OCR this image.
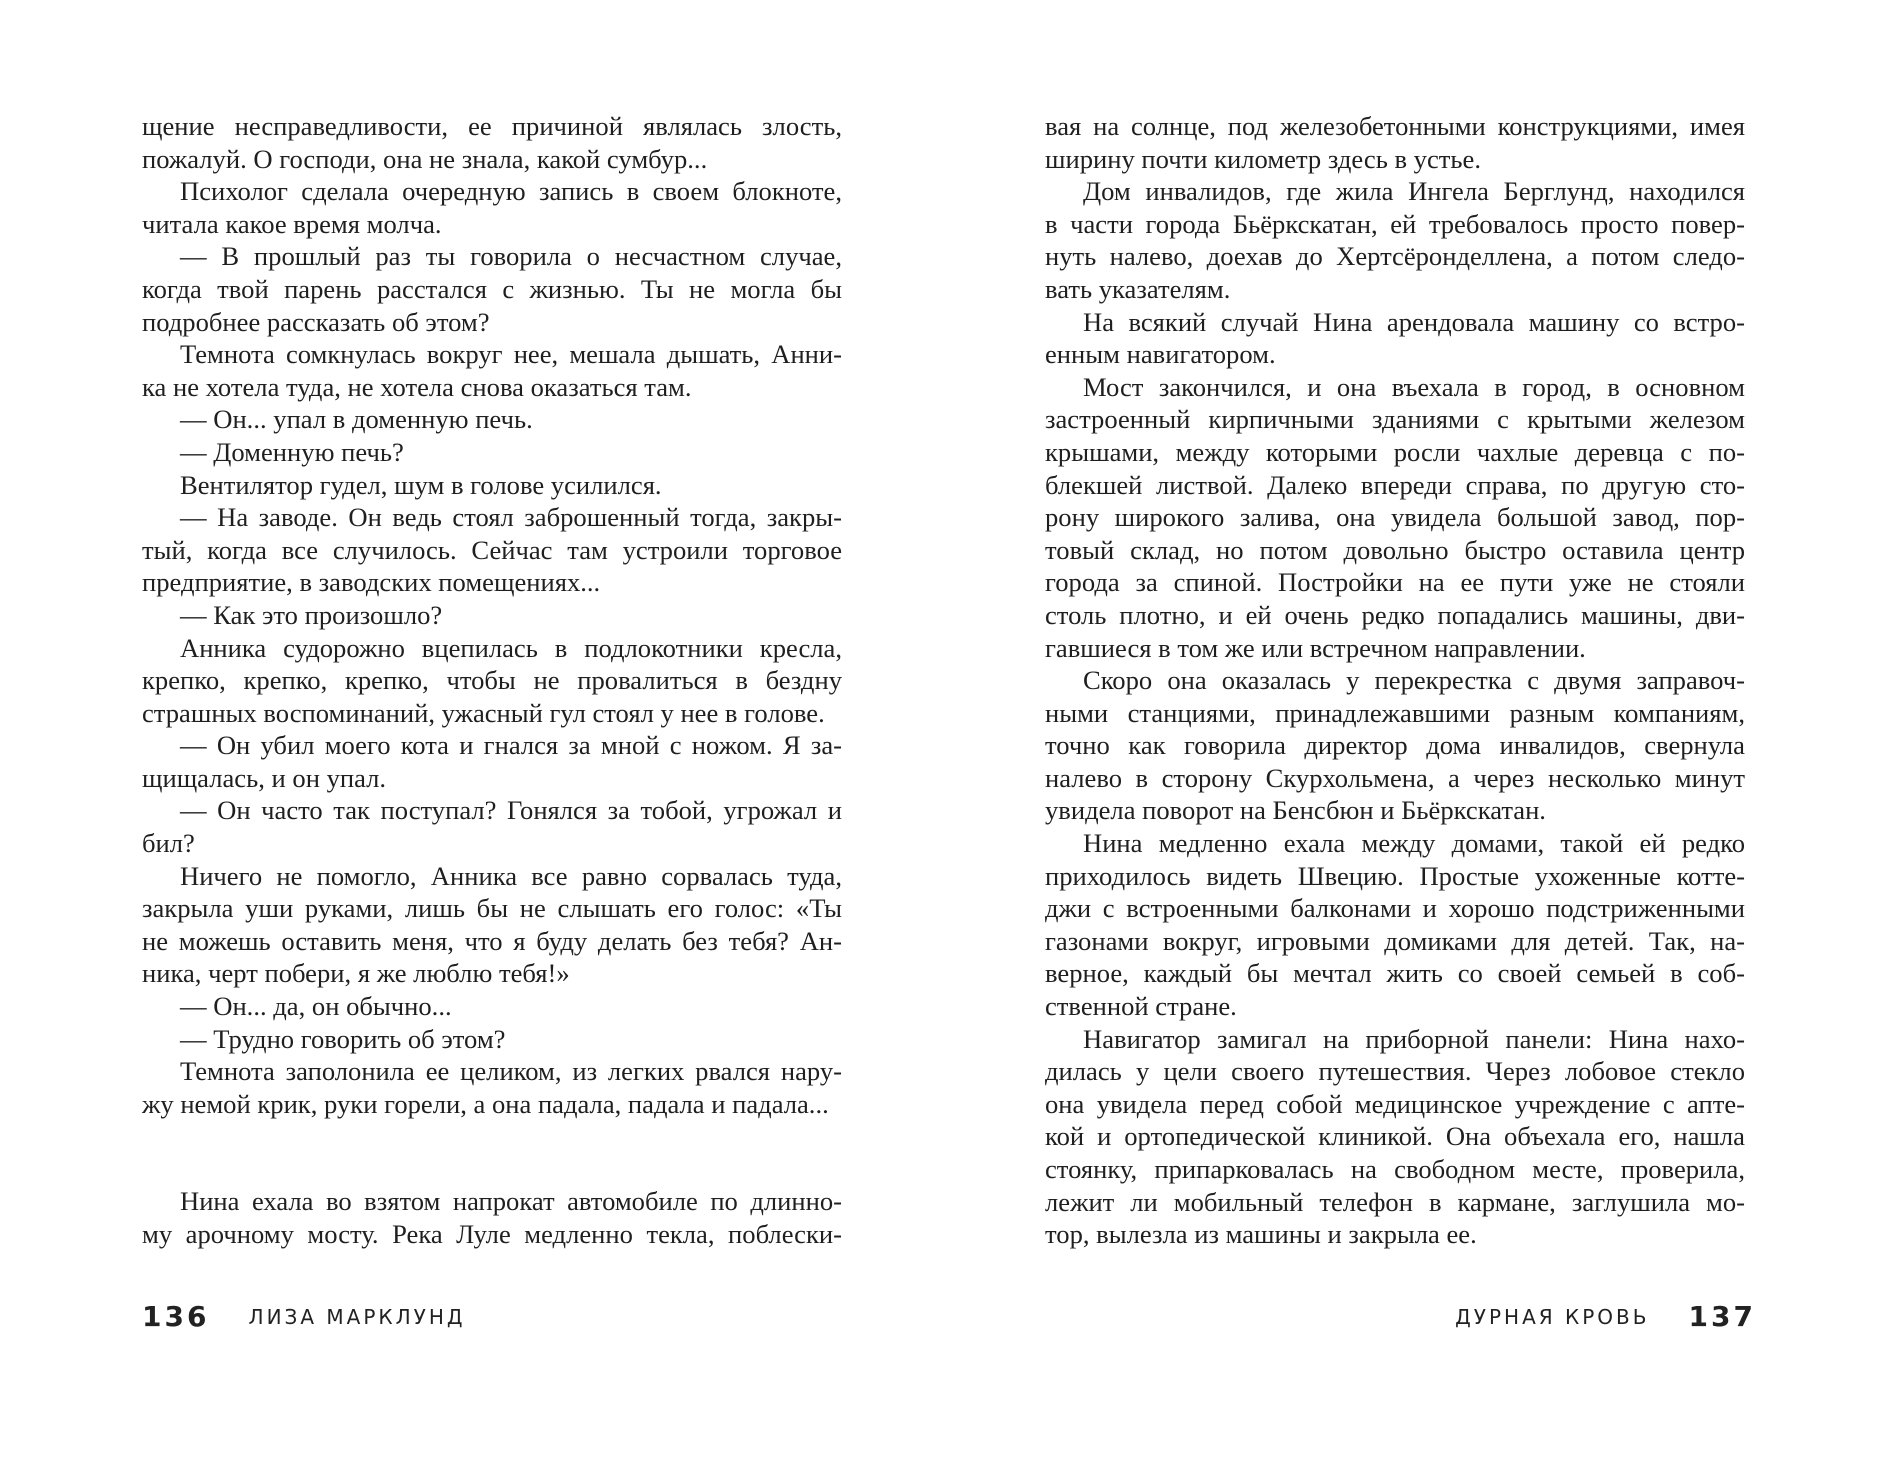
щение несправедливости, ее причиной являлась злость,
пожалуй. О господи, она не знала, какой сумбур...
Психолог сделала очередную запись в своем блокноте,
читала какое время молча.
— В прошлый раз ты говорила о несчастном случае,
когда твой парень расстался с жизнью. Ты не могла бы
подробнее рассказать об этом?
Темнота сомкнулась вокруг нее, мешала дышать, Анни-
ка не хотела туда, не хотела снова оказаться там.
— Он... упал в доменную печь.
— Доменную печь?
Вентилятор гудел, шум в голове усилился.
— На заводе. Он ведь стоял заброшенный тогда, закры-
тый, когда все случилось. Сейчас там устроили торговое
предприятие, в заводских помещениях...
— Как это произошло?
Анника судорожно вцепилась в подлокотники кресла,
крепко, крепко, крепко, чтобы не провалиться в бездну
страшных воспоминаний, ужасный гул стоял у нее в голове.
— Он убил моего кота и гнался за мной с ножом. Я за-
щищалась, и он упал.
— Он часто так поступал? Гонялся за тобой, угрожал и
бил?
Ничего не помогло, Анника все равно сорвалась туда,
закрыла уши руками, лишь бы не слышать его голос: «Ты
не можешь оставить меня, что я буду делать без тебя? Ан-
ника, черт побери, я же люблю тебя!»
— Он... да, он обычно...
— Трудно говорить об этом?
Темнота заполонила ее целиком, из легких рвался нару-
жу немой крик, руки горели, а она падала, падала и падала...
Нина ехала во взятом напрокат автомобиле по длинно-
му арочному мосту. Река Луле медленно текла, поблески-
вая на солнце, под железобетонными конструкциями, имея
ширину почти километр здесь в устье.
Дом инвалидов, где жила Ингела Берглунд, находился
в части города Бьёркскатан, ей требовалось просто повер-
нуть налево, доехав до Хертсёронделлена, а потом следо-
вать указателям.
На всякий случай Нина арендовала машину со встро-
енным навигатором.
Мост закончился, и она въехала в город, в основном
застроенный кирпичными зданиями с крытыми железом
крышами, между которыми росли чахлые деревца с по-
блекшей листвой. Далеко впереди справа, по другую сто-
рону широкого залива, она увидела большой завод, пор-
товый склад, но потом довольно быстро оставила центр
города за спиной. Постройки на ее пути уже не стояли
столь плотно, и ей очень редко попадались машины, дви-
гавшиеся в том же или встречном направлении.
Скоро она оказалась у перекрестка с двумя заправоч-
ными станциями, принадлежавшими разным компаниям,
точно как говорила директор дома инвалидов, свернула
налево в сторону Скурхольмена, а через несколько минут
увидела поворот на Бенсбюн и Бьёркскатан.
Нина медленно ехала между домами, такой ей редко
приходилось видеть Швецию. Простые ухоженные котте-
джи с встроенными балконами и хорошо подстриженными
газонами вокруг, игровыми домиками для детей. Так, на-
верное, каждый бы мечтал жить со своей семьей в соб-
ственной стране.
Навигатор замигал на приборной панели: Нина нахо-
дилась у цели своего путешествия. Через лобовое стекло
она увидела перед собой медицинское учреждение с апте-
кой и ортопедической клиникой. Она объехала его, нашла
стоянку, припарковалась на свободном месте, проверила,
лежит ли мобильный телефон в кармане, заглушила мо-
тор, вылезла из машины и закрыла ее.
136 ЛИЗА МАРКЛУНД	ДУРНАЯ КРОВЬ 137
